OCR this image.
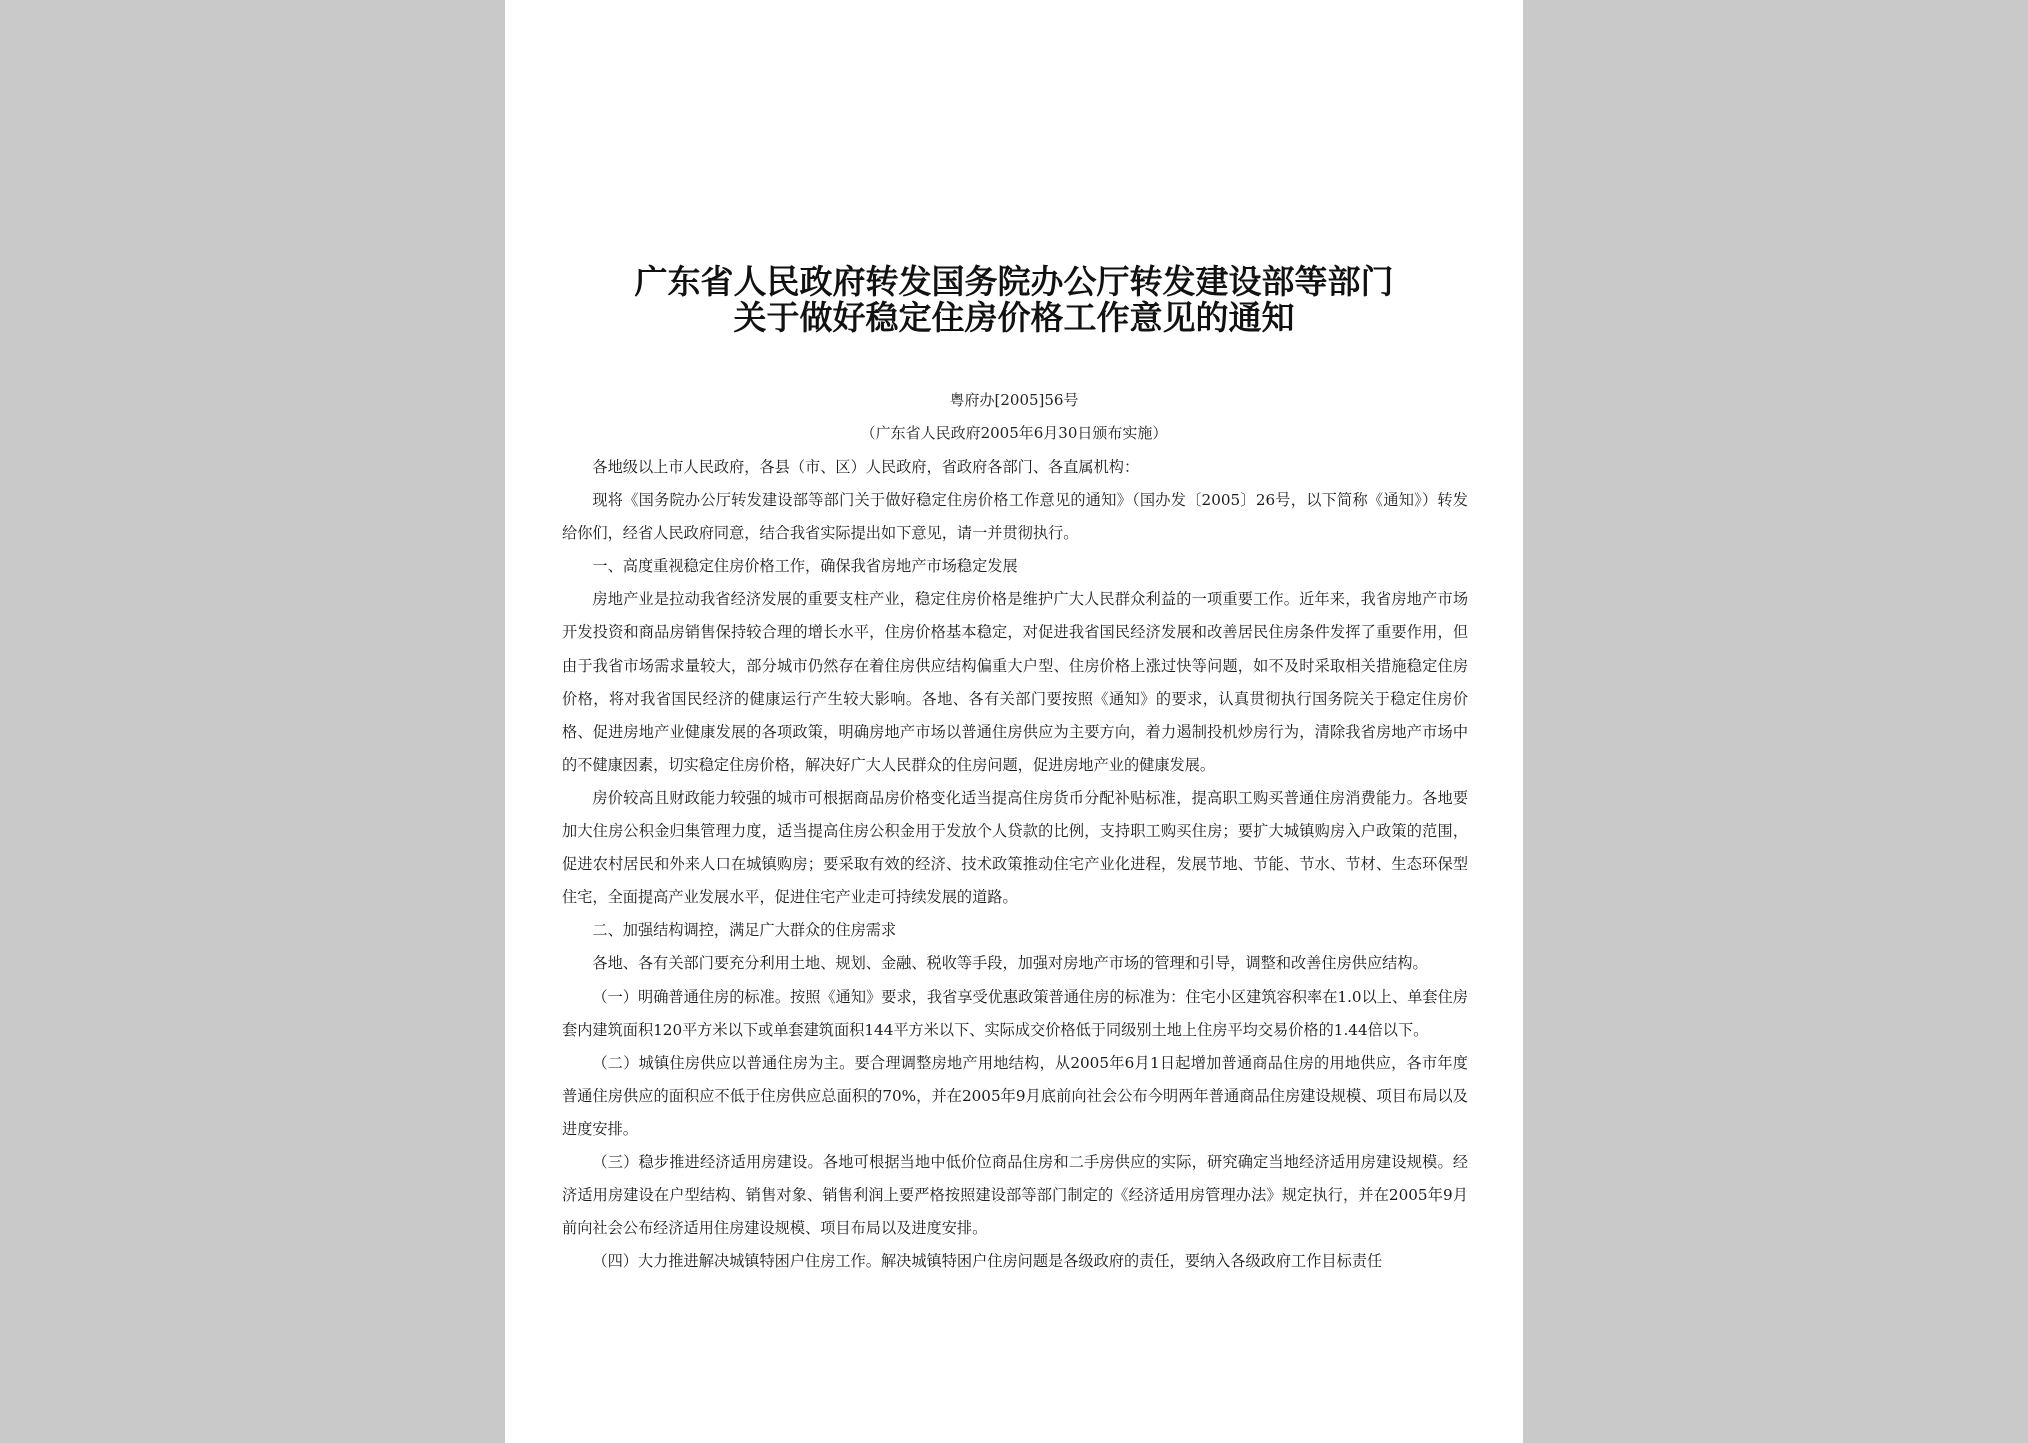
广东省人民政府转发国务院办公厅转发建设部等部门
关于做好稳定住房价格工作意见的通知
粤府办[2005]56号
（广东省人民政府2005年6月30日颁布实施）

各地级以上市人民政府，各县（市、区）人民政府，省政府各部门、各直属机构：

现将《国务院办公厅转发建设部等部门关于做好稳定住房价格工作意见的通知》（国办发〔2005〕26号，以下简称《通知》）转发给你们，经省人民政府同意，结合我省实际提出如下意见，请一并贯彻执行。

一、高度重视稳定住房价格工作，确保我省房地产市场稳定发展

房地产业是拉动我省经济发展的重要支柱产业，稳定住房价格是维护广大人民群众利益的一项重要工作。近年来，我省房地产市场开发投资和商品房销售保持较合理的增长水平，住房价格基本稳定，对促进我省国民经济发展和改善居民住房条件发挥了重要作用，但由于我省市场需求量较大，部分城市仍然存在着住房供应结构偏重大户型、住房价格上涨过快等问题，如不及时采取相关措施稳定住房价格，将对我省国民经济的健康运行产生较大影响。各地、各有关部门要按照《通知》的要求，认真贯彻执行国务院关于稳定住房价格、促进房地产业健康发展的各项政策，明确房地产市场以普通住房供应为主要方向，着力遏制投机炒房行为，清除我省房地产市场中的不健康因素，切实稳定住房价格，解决好广大人民群众的住房问题，促进房地产业的健康发展。

房价较高且财政能力较强的城市可根据商品房价格变化适当提高住房货币分配补贴标准，提高职工购买普通住房消费能力。各地要加大住房公积金归集管理力度，适当提高住房公积金用于发放个人贷款的比例，支持职工购买住房；要扩大城镇购房入户政策的范围，促进农村居民和外来人口在城镇购房；要采取有效的经济、技术政策推动住宅产业化进程，发展节地、节能、节水、节材、生态环保型住宅，全面提高产业发展水平，促进住宅产业走可持续发展的道路。

二、加强结构调控，满足广大群众的住房需求

各地、各有关部门要充分利用土地、规划、金融、税收等手段，加强对房地产市场的管理和引导，调整和改善住房供应结构。

（一）明确普通住房的标准。按照《通知》要求，我省享受优惠政策普通住房的标准为：住宅小区建筑容积率在1.0以上、单套住房套内建筑面积120平方米以下或单套建筑面积144平方米以下、实际成交价格低于同级别土地上住房平均交易价格的1.44倍以下。

（二）城镇住房供应以普通住房为主。要合理调整房地产用地结构，从2005年6月1日起增加普通商品住房的用地供应，各市年度普通住房供应的面积应不低于住房供应总面积的70%，并在2005年9月底前向社会公布今明两年普通商品住房建设规模、项目布局以及进度安排。

（三）稳步推进经济适用房建设。各地可根据当地中低价位商品住房和二手房供应的实际，研究确定当地经济适用房建设规模。经济适用房建设在户型结构、销售对象、销售利润上要严格按照建设部等部门制定的《经济适用房管理办法》规定执行，并在2005年9月前向社会公布经济适用住房建设规模、项目布局以及进度安排。

（四）大力推进解决城镇特困户住房工作。解决城镇特困户住房问题是各级政府的责任，要纳入各级政府工作目标责任
